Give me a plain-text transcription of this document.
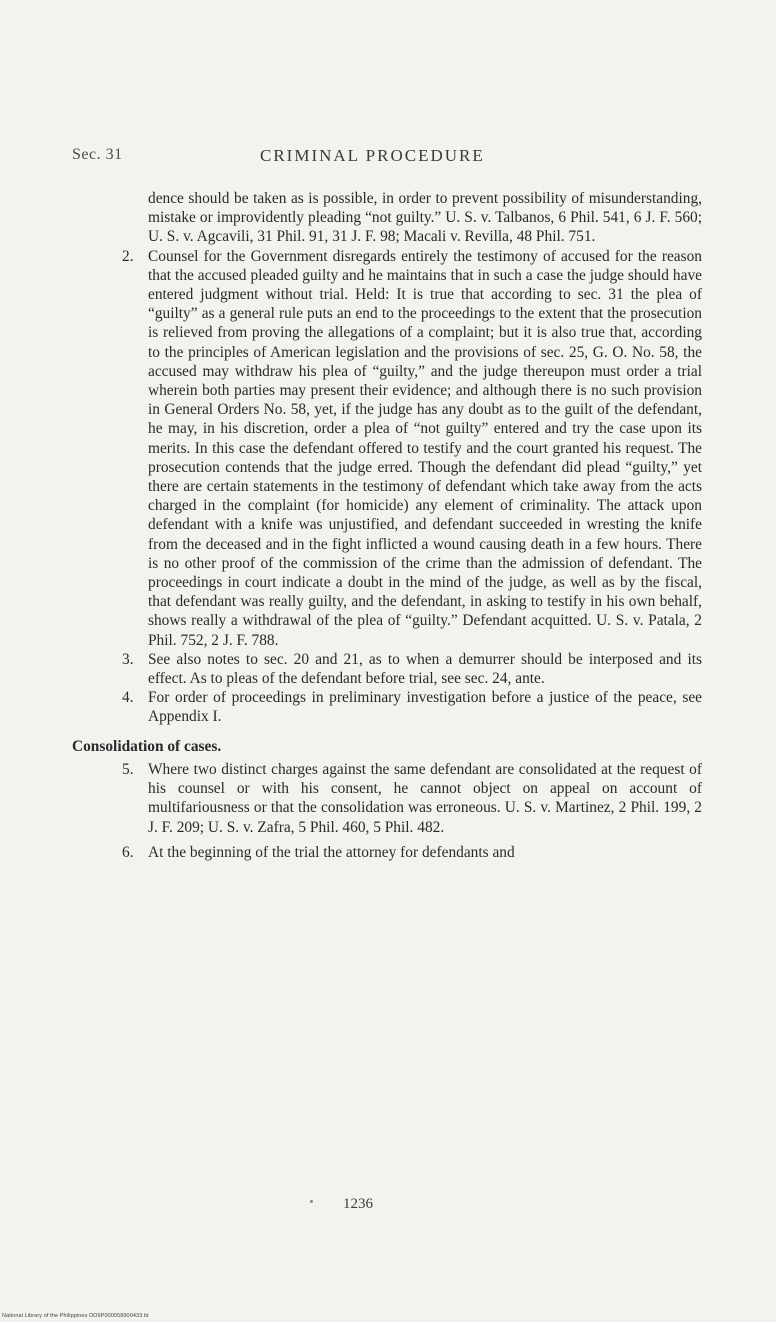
Sec. 31	CRIMINAL PROCEDURE

dence should be taken as is possible, in order to prevent possibility of misunderstanding, mistake or improvidently pleading “not guilty.” U. S. v. Talbanos, 6 Phil. 541, 6 J. F. 560; U. S. v. Agcavili, 31 Phil. 91, 31 J. F. 98; Macali v. Revilla, 48 Phil. 751.

2. Counsel for the Government disregards entirely the testimony of accused for the reason that the accused pleaded guilty and he maintains that in such a case the judge should have entered judgment without trial. Held: It is true that according to sec. 31 the plea of “guilty” as a general rule puts an end to the proceedings to the extent that the prosecution is relieved from proving the allegations of a complaint; but it is also true that, according to the principles of American legislation and the provisions of sec. 25, G. O. No. 58, the accused may withdraw his plea of “guilty,” and the judge thereupon must order a trial wherein both parties may present their evidence; and although there is no such provision in General Orders No. 58, yet, if the judge has any doubt as to the guilt of the defendant, he may, in his discretion, order a plea of “not guilty” entered and try the case upon its merits. In this case the defendant offered to testify and the court granted his request. The prosecution contends that the judge erred. Though the defendant did plead “guilty,” yet there are certain statements in the testimony of defendant which take away from the acts charged in the complaint (for homicide) any element of criminality. The attack upon defendant with a knife was unjustified, and defendant succeeded in wresting the knife from the deceased and in the fight inflicted a wound causing death in a few hours. There is no other proof of the commission of the crime than the admission of defendant. The proceedings in court indicate a doubt in the mind of the judge, as well as by the fiscal, that defendant was really guilty, and the defendant, in asking to testify in his own behalf, shows really a withdrawal of the plea of “guilty.” Defendant acquitted. U. S. v. Patala, 2 Phil. 752, 2 J. F. 788.
3. See also notes to sec. 20 and 21, as to when a demurrer should be interposed and its effect. As to pleas of the defendant before trial, see sec. 24, ante.
4. For order of proceedings in preliminary investigation before a justice of the peace, see Appendix I.
Consolidation of cases.
5. Where two distinct charges against the same defendant are consolidated at the request of his counsel or with his consent, he cannot object on appeal on account of multifariousness or that the consolidation was erroneous. U. S. v. Martinez, 2 Phil. 199, 2 J. F. 209; U. S. v. Zafra, 5 Phil. 460, 5 Phil. 482.
6. At the beginning of the trial the attorney for defendants and
1236
National Library of the Philippines DO9P000058900433 bt
